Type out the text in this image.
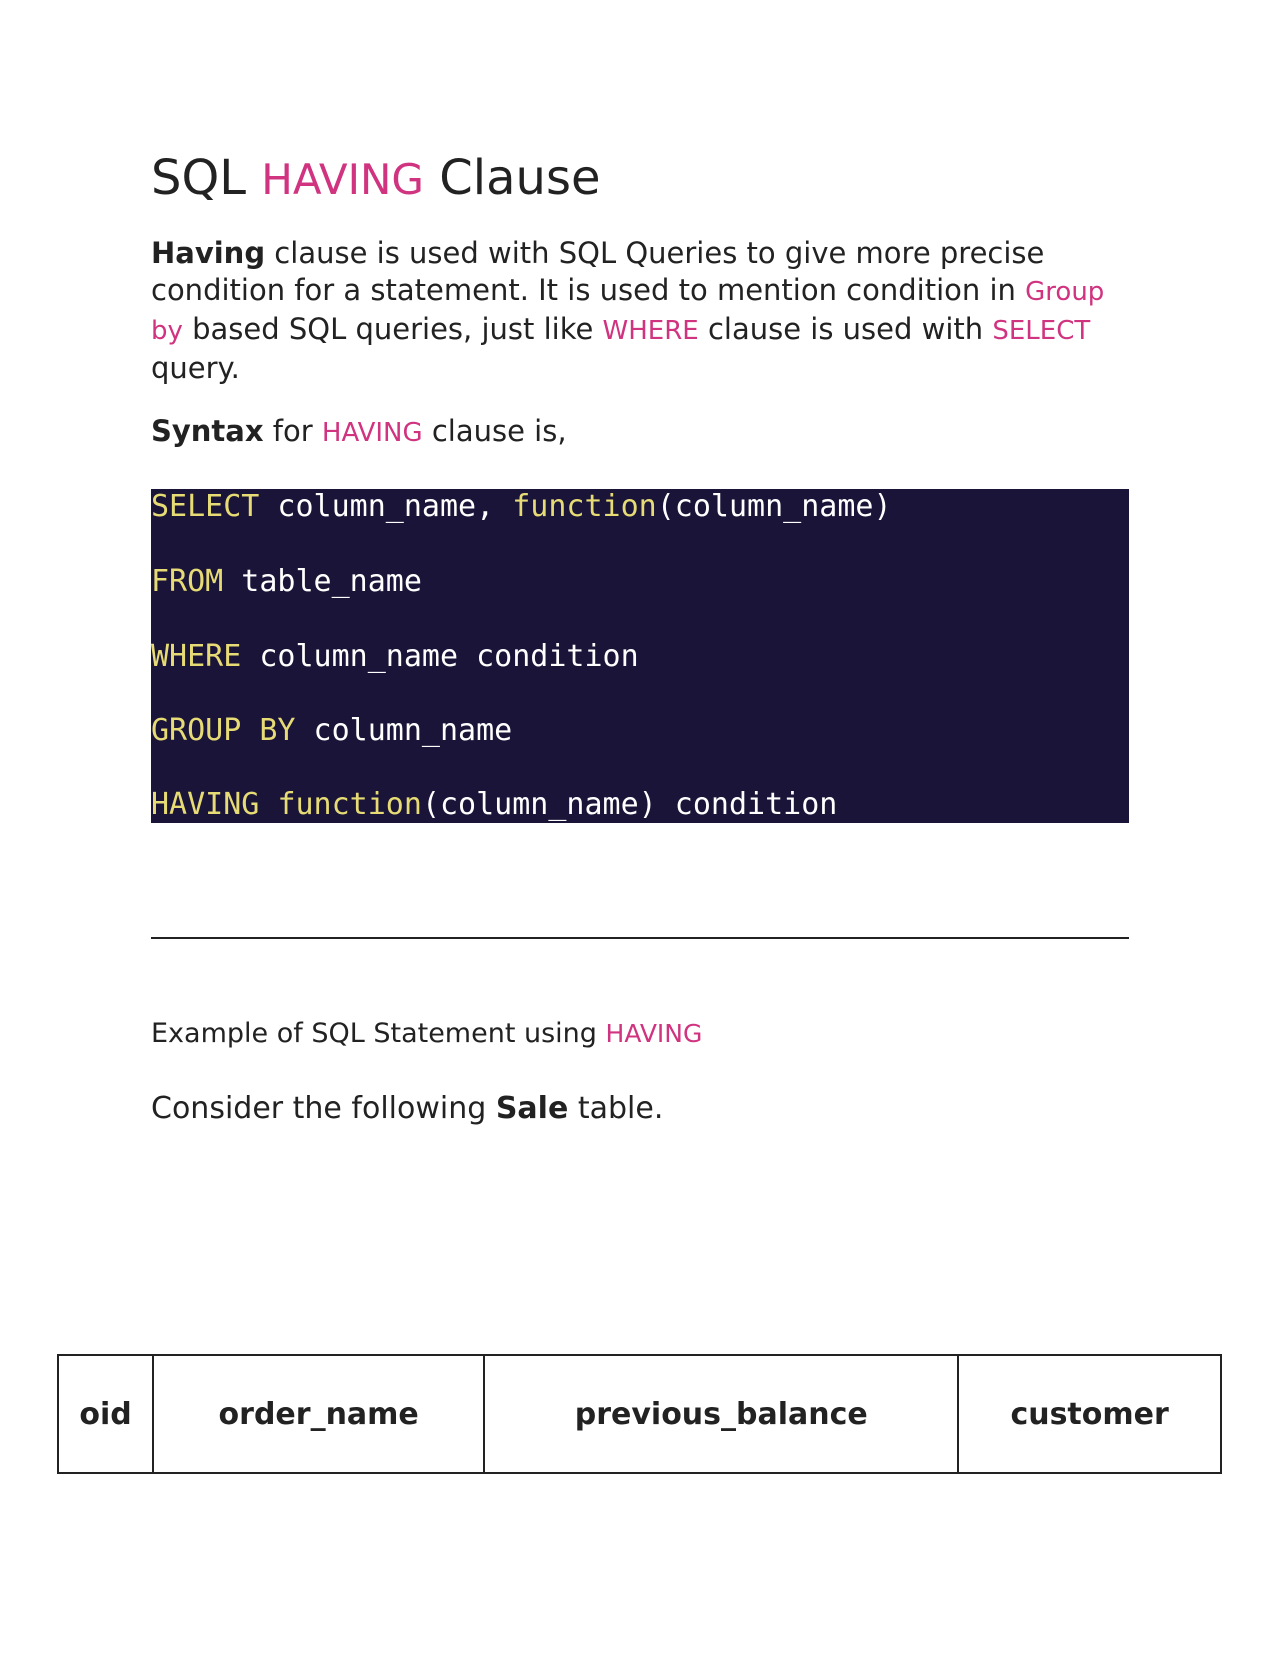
SQL HAVING Clause

Having clause is used with SQL Queries to give more precise condition for a statement. It is used to mention condition in Group by based SQL queries, just like WHERE clause is used with SELECT query.

Syntax for HAVING clause is,

SELECT column_name, function(column_name)
FROM table_name
WHERE column_name condition
GROUP BY column_name
HAVING function(column_name) condition
Example of SQL Statement using HAVING

Consider the following Sale table.

oid	order_name	previous_balance	customer
